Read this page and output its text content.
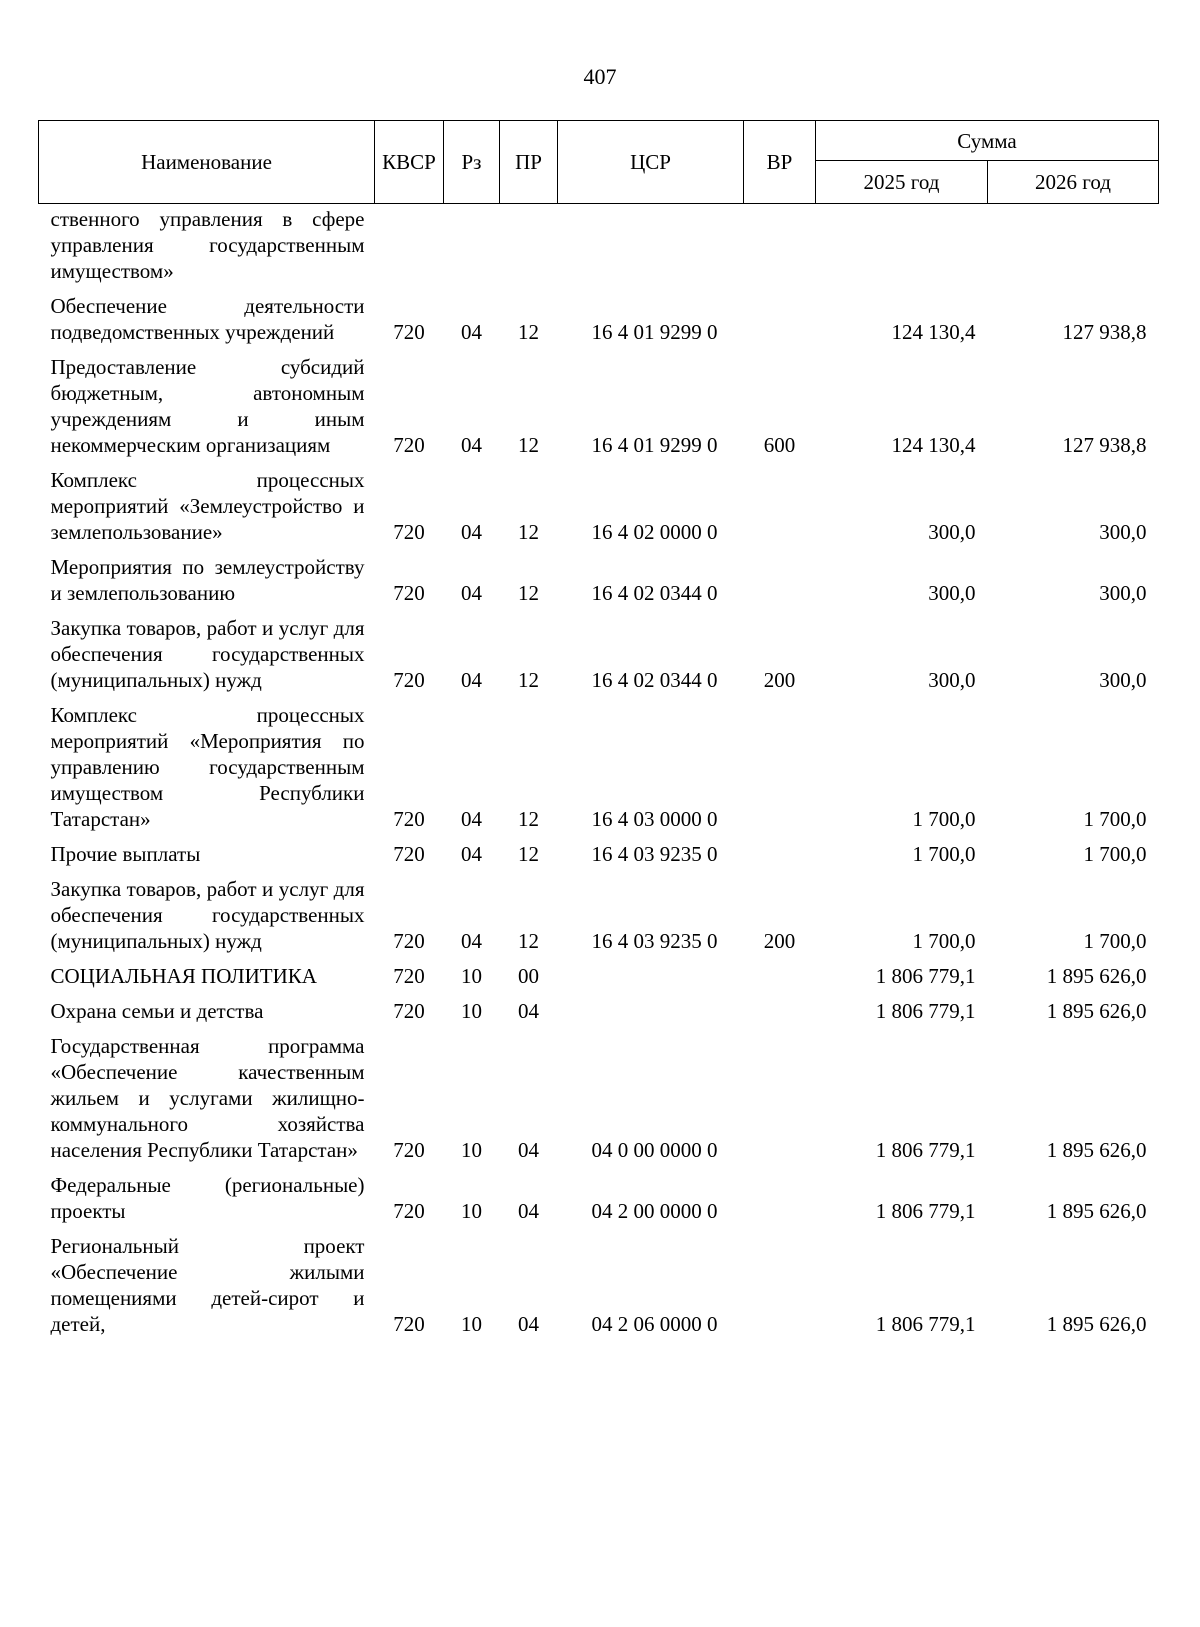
407
Наименование	КВСР	Рз	ПР	ЦСР	ВР	Сумма	
						2025 год	2026 год
ственного управления в сфере управления государственным имуществом»							
Обеспечение деятельности подведомственных учреждений	720	04	12	16 4 01 9299 0		124 130,4	127 938,8
Предоставление субсидий бюджетным, автономным учреждениям и иным некоммерческим организациям	720	04	12	16 4 01 9299 0	600	124 130,4	127 938,8
Комплекс процессных мероприятий «Землеустройство и землепользование»	720	04	12	16 4 02 0000 0		300,0	300,0
Мероприятия по землеустройству и землепользованию	720	04	12	16 4 02 0344 0		300,0	300,0
Закупка товаров, работ и услуг для обеспечения государственных (муниципальных) нужд	720	04	12	16 4 02 0344 0	200	300,0	300,0
Комплекс процессных мероприятий «Мероприятия по управлению государственным имуществом Республики Татарстан»	720	04	12	16 4 03 0000 0		1 700,0	1 700,0
Прочие выплаты	720	04	12	16 4 03 9235 0		1 700,0	1 700,0
Закупка товаров, работ и услуг для обеспечения государственных (муниципальных) нужд	720	04	12	16 4 03 9235 0	200	1 700,0	1 700,0
СОЦИАЛЬНАЯ ПОЛИТИКА	720	10	00			1 806 779,1	1 895 626,0
Охрана семьи и детства	720	10	04			1 806 779,1	1 895 626,0
Государственная программа «Обеспечение качественным жильем и услугами жилищно-коммунального хозяйства населения Республики Татарстан»	720	10	04	04 0 00 0000 0		1 806 779,1	1 895 626,0
Федеральные (региональные) проекты	720	10	04	04 2 00 0000 0		1 806 779,1	1 895 626,0
Региональный проект «Обеспечение жилыми помещениями детей-сирот и детей,	720	10	04	04 2 06 0000 0		1 806 779,1	1 895 626,0
